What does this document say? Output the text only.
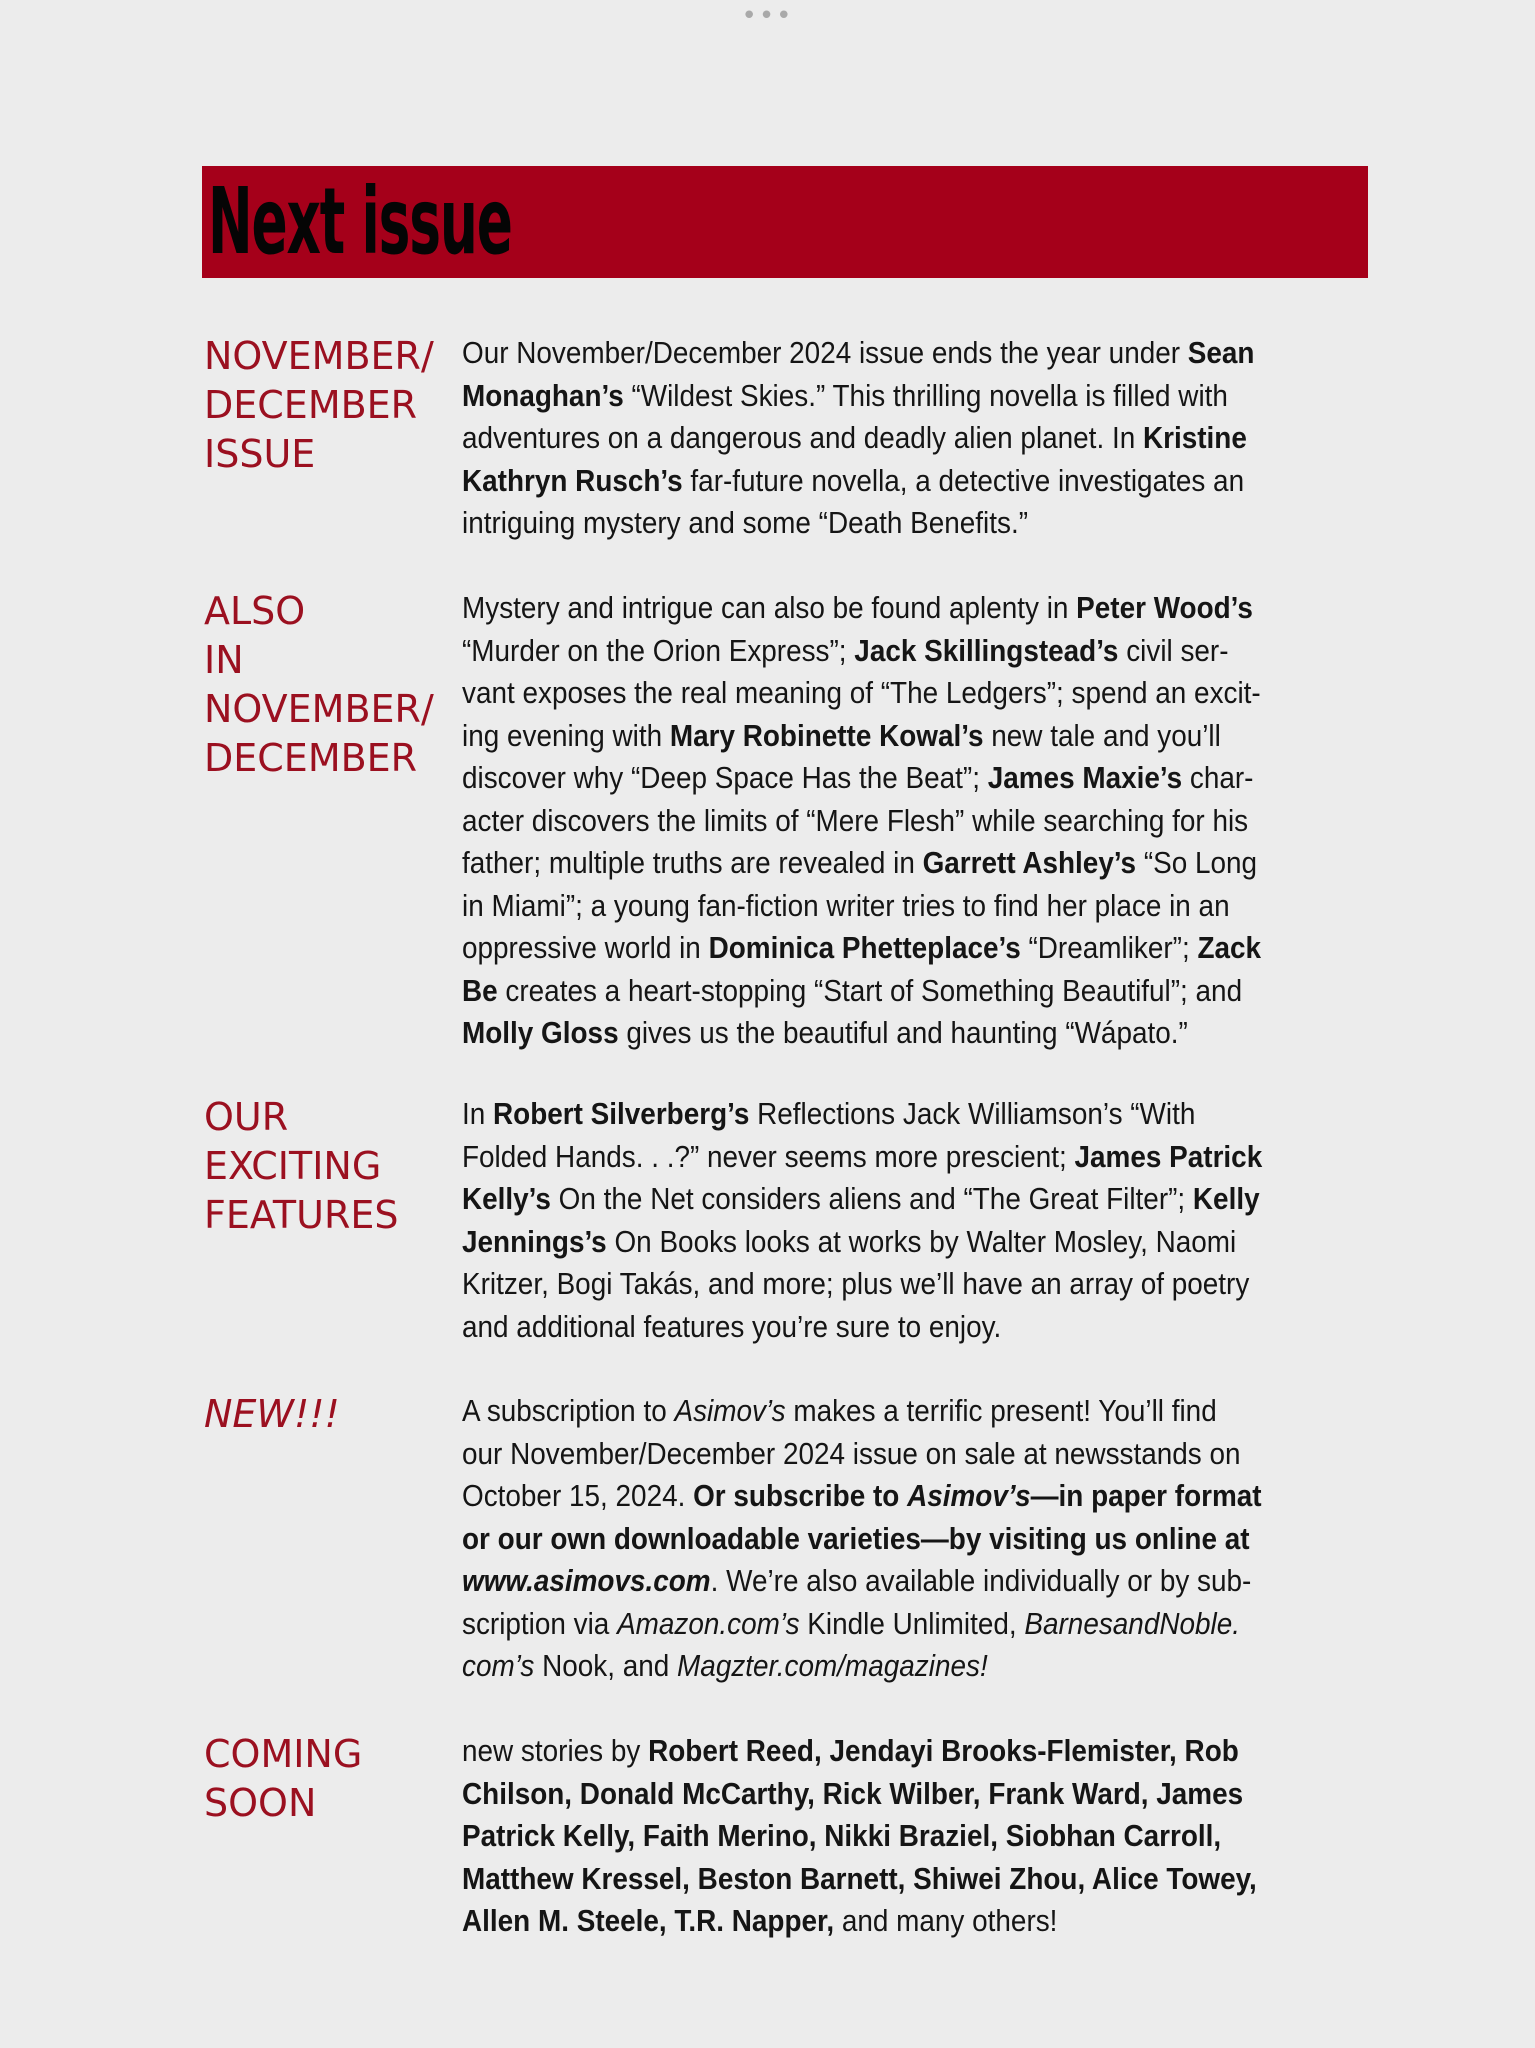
•••
Next issue
NOVEMBER/
DECEMBER
ISSUE
Our November/December 2024 issue ends the year under Sean
Monaghan’s “Wildest Skies.” This thrilling novella is filled with
adventures on a dangerous and deadly alien planet. In Kristine
Kathryn Rusch’s far-future novella, a detective investigates an
intriguing mystery and some “Death Benefits.”
ALSO
IN
NOVEMBER/
DECEMBER
Mystery and intrigue can also be found aplenty in Peter Wood’s
“Murder on the Orion Express”; Jack Skillingstead’s civil ser-
vant exposes the real meaning of “The Ledgers”; spend an excit-
ing evening with Mary Robinette Kowal’s new tale and you’ll
discover why “Deep Space Has the Beat”; James Maxie’s char-
acter discovers the limits of “Mere Flesh” while searching for his
father; multiple truths are revealed in Garrett Ashley’s “So Long
in Miami”; a young fan-fiction writer tries to find her place in an
oppressive world in Dominica Phetteplace’s “Dreamliker”; Zack
Be creates a heart-stopping “Start of Something Beautiful”; and
Molly Gloss gives us the beautiful and haunting “Wápato.”
OUR
EXCITING
FEATURES
In Robert Silverberg’s Reflections Jack Williamson’s “With
Folded Hands. . .?” never seems more prescient; James Patrick
Kelly’s On the Net considers aliens and “The Great Filter”; Kelly
Jennings’s On Books looks at works by Walter Mosley, Naomi
Kritzer, Bogi Takás, and more; plus we’ll have an array of poetry
and additional features you’re sure to enjoy.
NEW!!!	A subscription to Asimov’s makes a terrific present! You’ll find
our November/December 2024 issue on sale at newsstands on
October 15, 2024. Or subscribe to Asimov’s—in paper format
or our own downloadable varieties—by visiting us online at
www.asimovs.com. We’re also available individually or by sub-
scription via Amazon.com’s Kindle Unlimited, BarnesandNoble.
com’s Nook, and Magzter.com/magazines!
COMING
SOON
new stories by Robert Reed, Jendayi Brooks-Flemister, Rob
Chilson, Donald McCarthy, Rick Wilber, Frank Ward, James
Patrick Kelly, Faith Merino, Nikki Braziel, Siobhan Carroll,
Matthew Kressel, Beston Barnett, Shiwei Zhou, Alice Towey,
Allen M. Steele, T.R. Napper, and many others!
